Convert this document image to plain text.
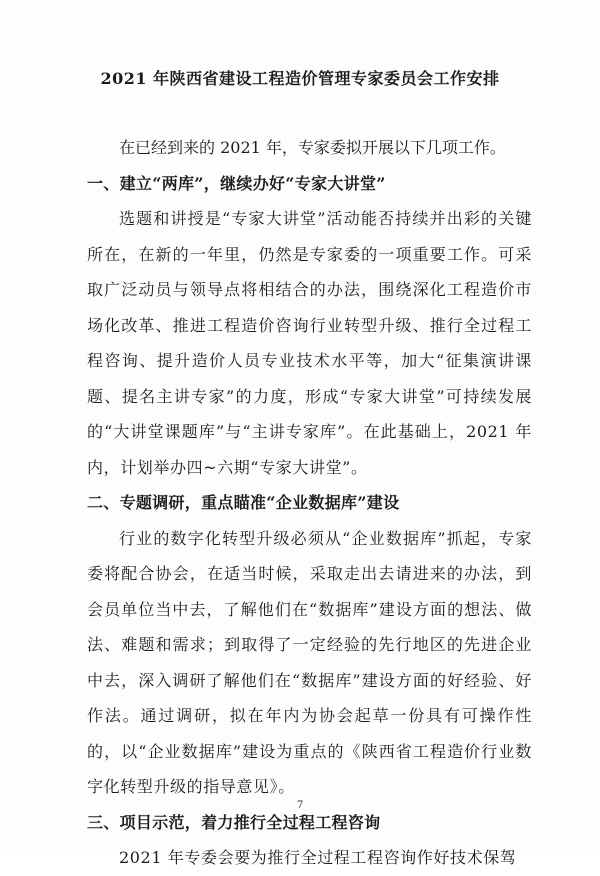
2021 年陕西省建设工程造价管理专家委员会工作安排

在已经到来的 2021 年，专家委拟开展以下几项工作。

一、建立“两库”，继续办好“专家大讲堂”

选题和讲授是“专家大讲堂”活动能否持续并出彩的关键所在，在新的一年里，仍然是专家委的一项重要工作。可采取广泛动员与领导点将相结合的办法，围绕深化工程造价市场化改革、推进工程造价咨询行业转型升级、推行全过程工程咨询、提升造价人员专业技术水平等，加大“征集演讲课题、提名主讲专家”的力度，形成“专家大讲堂”可持续发展的“大讲堂课题库”与“主讲专家库”。在此基础上，2021 年内，计划举办四~六期“专家大讲堂”。

二、专题调研，重点瞄准“企业数据库”建设

行业的数字化转型升级必须从“企业数据库”抓起，专家委将配合协会，在适当时候，采取走出去请进来的办法，到会员单位当中去，了解他们在“数据库”建设方面的想法、做法、难题和需求；到取得了一定经验的先行地区的先进企业中去，深入调研了解他们在“数据库”建设方面的好经验、好作法。通过调研，拟在年内为协会起草一份具有可操作性的，以“企业数据库”建设为重点的《陕西省工程造价行业数字化转型升级的指导意见》。

三、项目示范，着力推行全过程工程咨询

2021 年专委会要为推行全过程工程咨询作好技术保驾

7
